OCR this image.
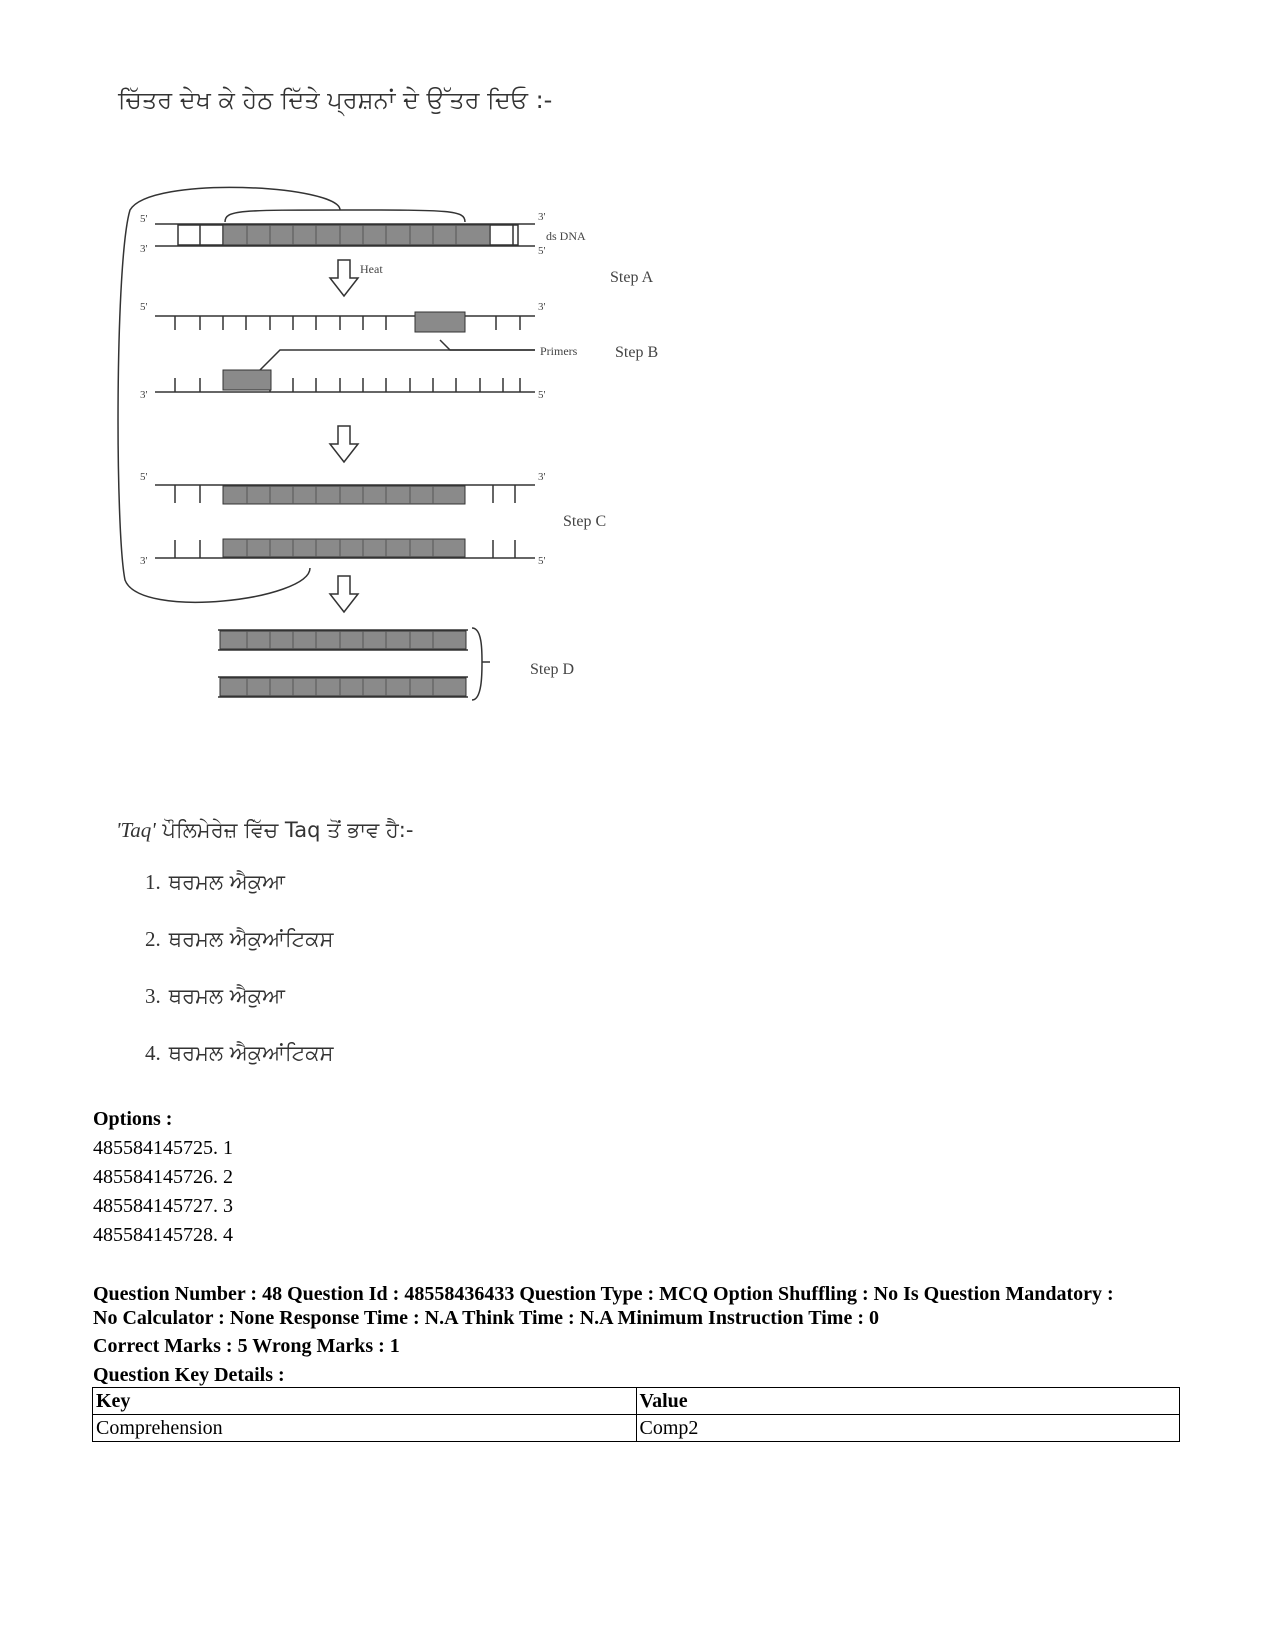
ਚਿੱਤਰ ਦੇਖ ਕੇ ਹੇਠ ਦਿੱਤੇ ਪ੍ਰਸ਼ਨਾਂ ਦੇ ਉੱਤਰ ਦਿਓ :-
5'
3'
3'
5'
5'	3'
3'	5'
5'	3'
3'	5'
ds DNA
Heat
Primers
Step A
Step B
Step C
Step D
'Taq' ਪੌਲਿਮੇਰੇਜ਼ ਵਿੱਚ Taq ਤੋਂ ਭਾਵ ਹੈ:-
1. ਥਰਮਲ ਐਕੁਆ
2. ਥਰਮਲ ਐਕੁਆਂਟਿਕਸ
3. ਥਰਮਲ ਐਕੁਆ
4. ਥਰਮਲ ਐਕੁਆਂਟਿਕਸ
Options :
485584145725. 1
485584145726. 2
485584145727. 3
485584145728. 4
Question Number : 48 Question Id : 48558436433 Question Type : MCQ Option Shuffling : No Is Question Mandatory :
No Calculator : None Response Time : N.A Think Time : N.A Minimum Instruction Time : 0
Correct Marks : 5 Wrong Marks : 1
Question Key Details :
Key	Value
Comprehension	Comp2
